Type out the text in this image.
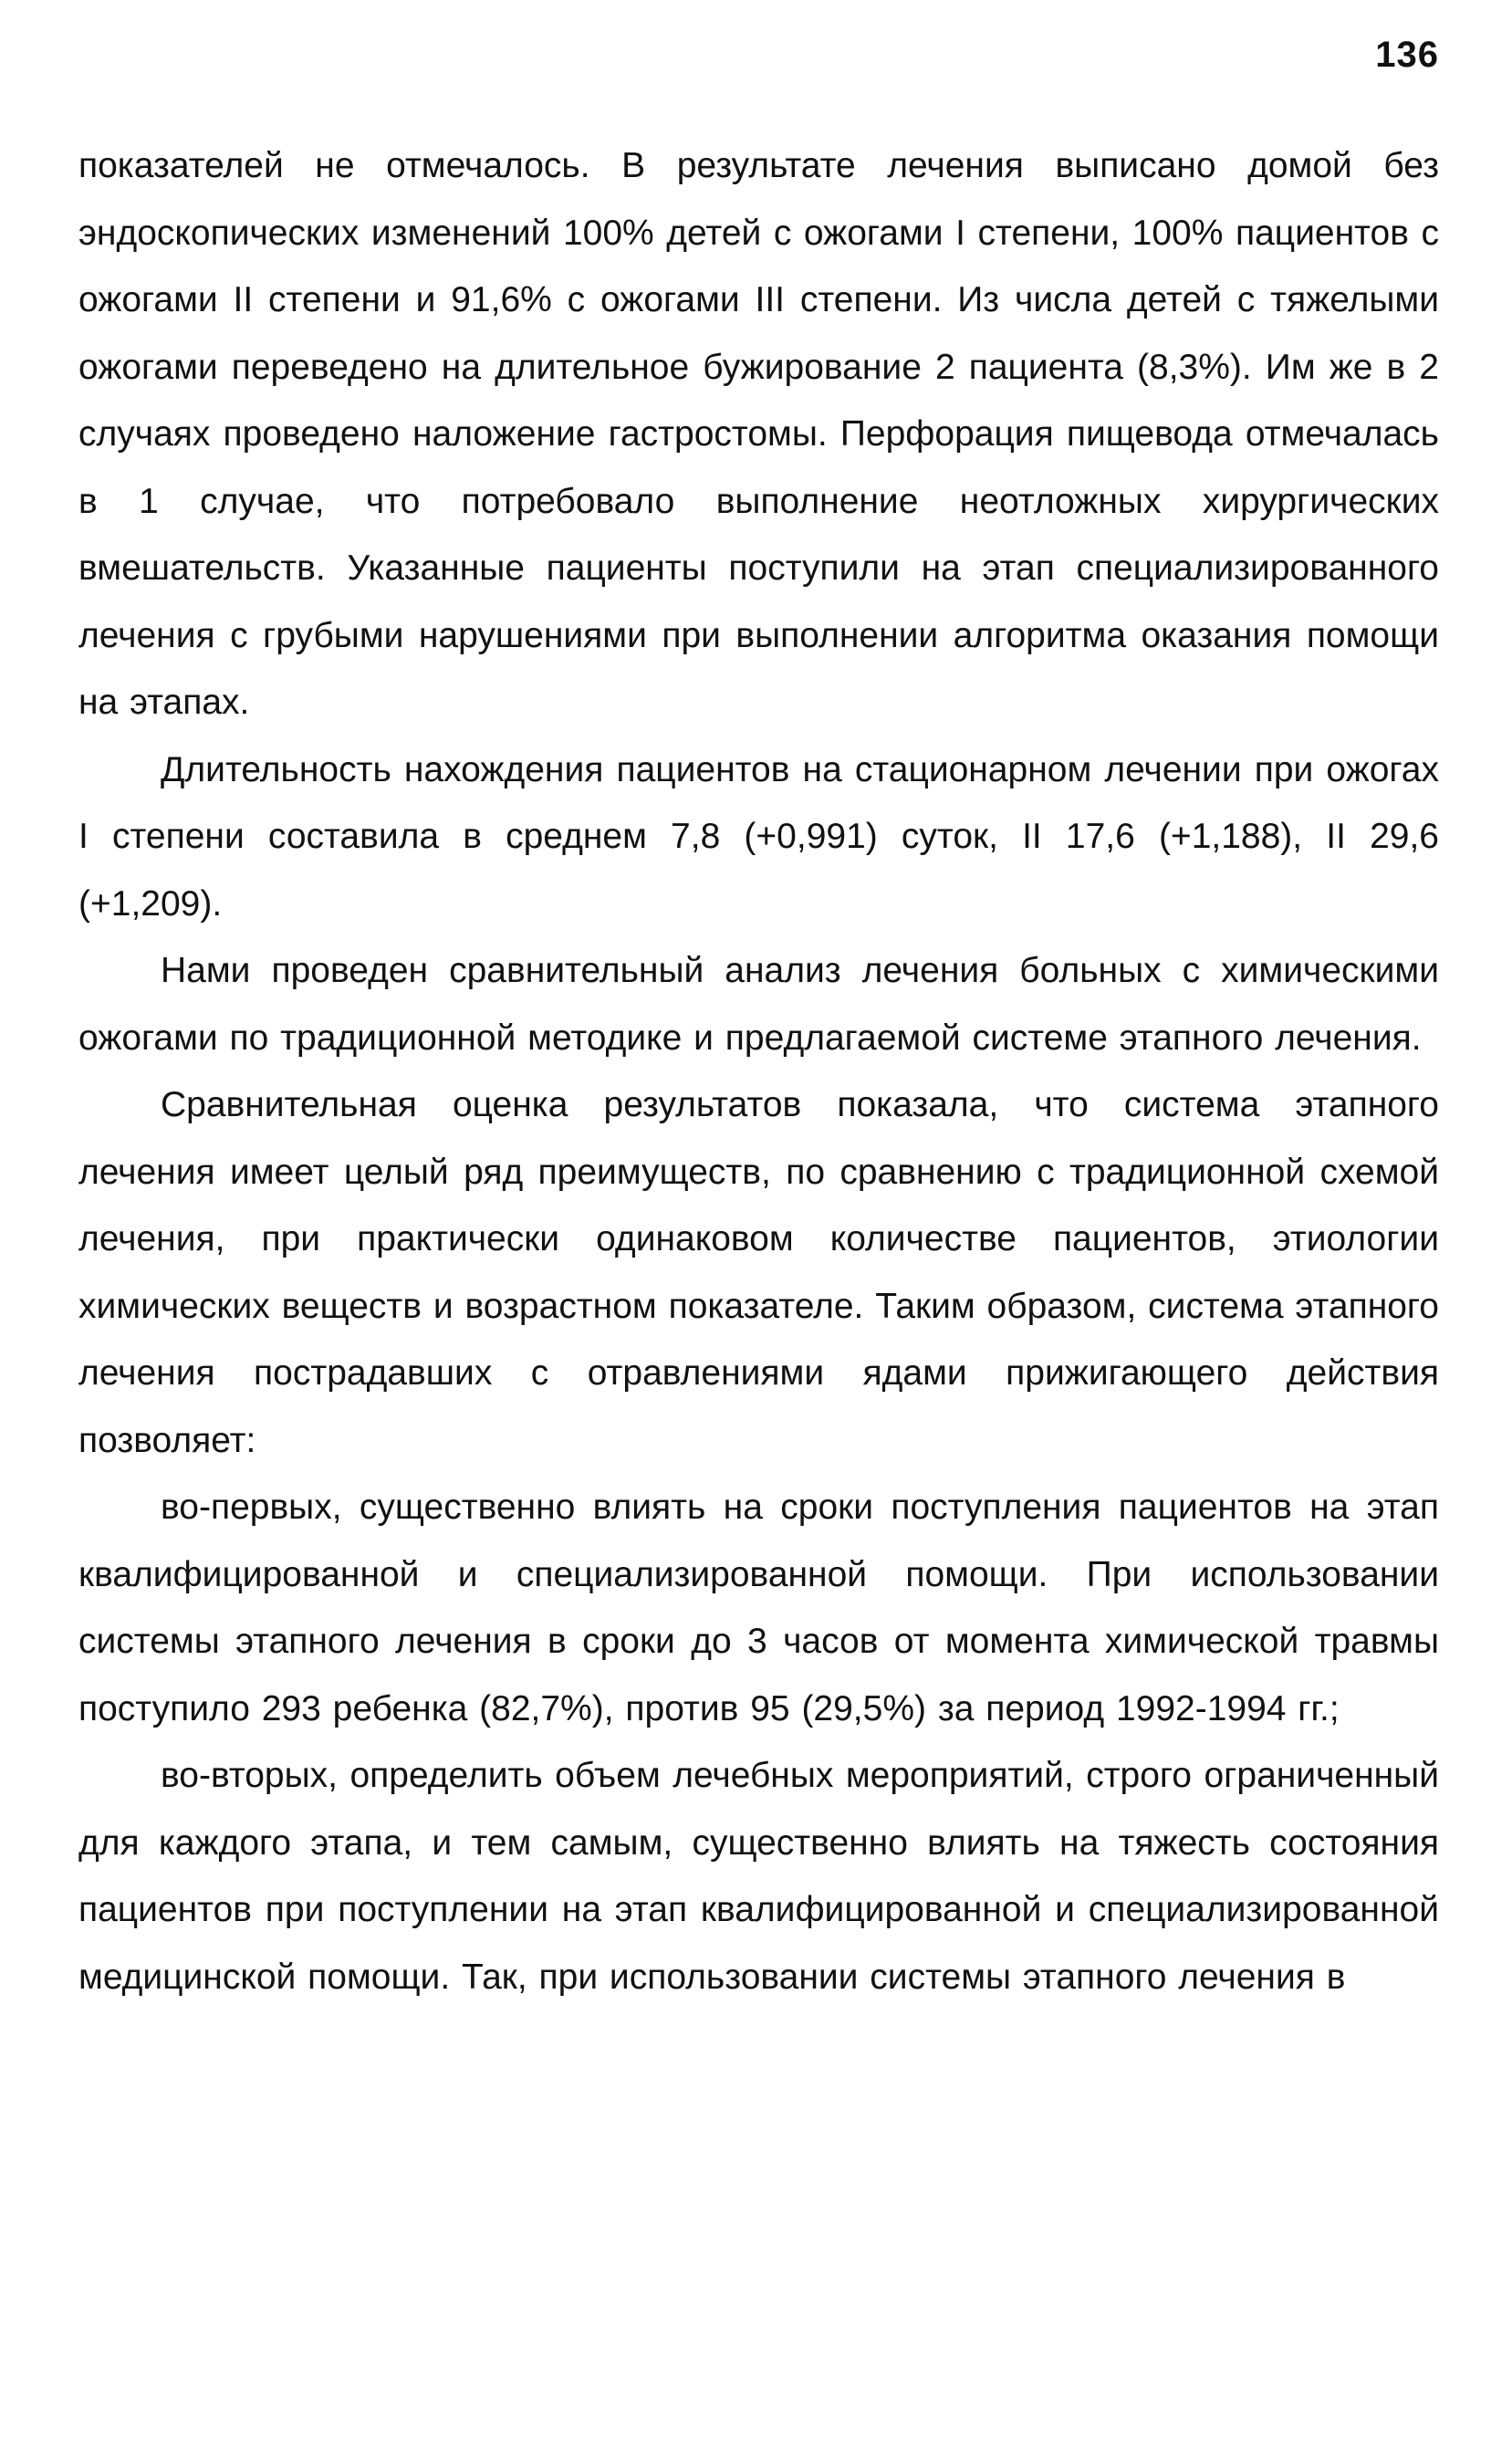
136

показателей не отмечалось. В результате лечения выписано домой без эндоскопических изменений 100% детей с ожогами I степени, 100% пациентов с ожогами II степени и 91,6% с ожогами III степени. Из числа детей с тяжелыми ожогами переведено на длительное бужирование 2 пациента (8,3%). Им же в 2 случаях проведено наложение гастростомы. Перфорация пищевода отмечалась в 1 случае, что потребовало выполнение неотложных хирургических вмешательств. Указанные пациенты поступили на этап специализированного лечения с грубыми нарушениями при выполнении алгоритма оказания помощи на этапах.

Длительность нахождения пациентов на стационарном лечении при ожогах I степени составила в среднем 7,8 (+0,991) суток, II 17,6 (+1,188), II 29,6 (+1,209).

Нами проведен сравнительный анализ лечения больных с химическими ожогами по традиционной методике и предлагаемой системе этапного лечения.

Сравнительная оценка результатов показала, что система этапного лечения имеет целый ряд преимуществ, по сравнению с традиционной схемой лечения, при практически одинаковом количестве пациентов, этиологии химических веществ и возрастном показателе. Таким образом, система этапного лечения пострадавших с отравлениями ядами прижигающего действия позволяет:

во-первых, существенно влиять на сроки поступления пациентов на этап квалифицированной и специализированной помощи. При использовании системы этапного лечения в сроки до 3 часов от момента химической травмы поступило 293 ребенка (82,7%), против 95 (29,5%) за период 1992-1994 гг.;

во-вторых, определить объем лечебных мероприятий, строго ограниченный для каждого этапа, и тем самым, существенно влиять на тяжесть состояния пациентов при поступлении на этап квалифицированной и специализированной медицинской помощи. Так, при использовании системы этапного лечения в
